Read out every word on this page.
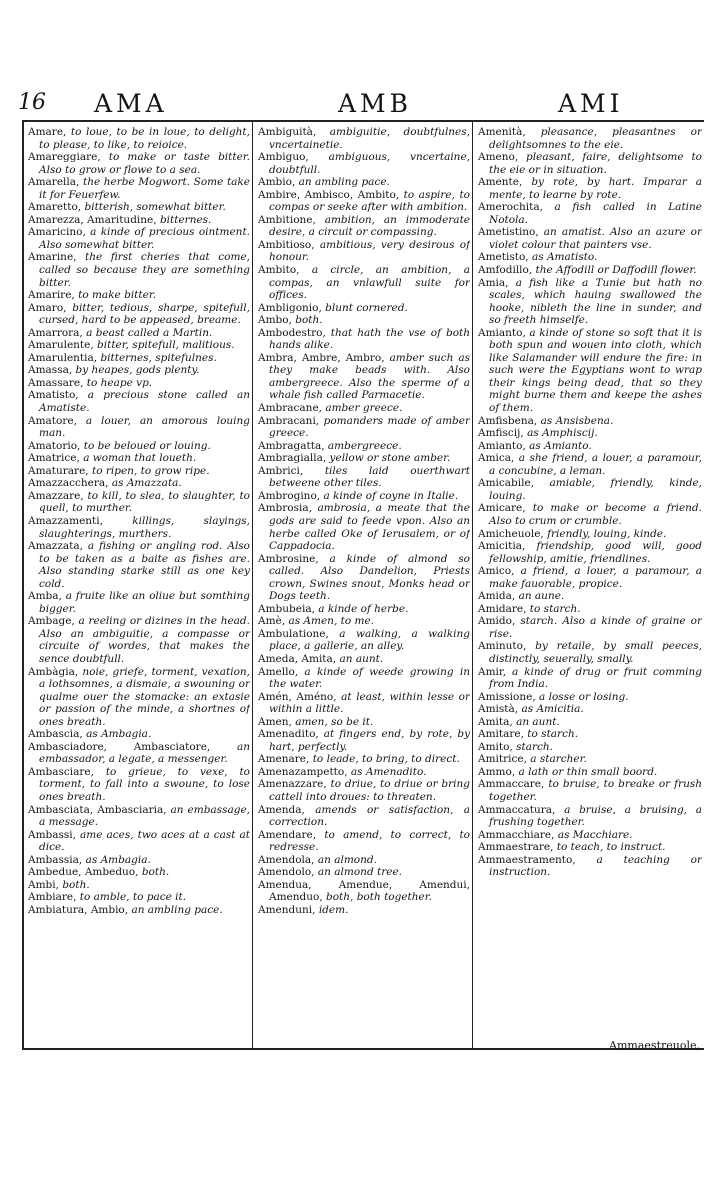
16 AMA	AMB	AMI

Amare, to loue, to be in loue, to delight, to please, to like, to reioice.

Amareggiare, to make or taste bitter. Also to grow or flowe to a sea.

Amarella, the herbe Mogwort. Some take it for Feuerfew.

Amaretto, bitterish, somewhat bitter.

Amarezza, Amaritudine, bitternes.

Amaricino, a kinde of precious ointment. Also somewhat bitter.

Amarine, the first cheries that come, called so because they are something bitter.

Amarire, to make bitter.

Amaro, bitter, tedious, sharpe, spitefull, cursed, hard to be appeased, breame.

Amarrora, a beast called a Martin.

Amarulente, bitter, spitefull, malitious.

Amarulentia, bitternes, spitefulnes.

Amassa, by heapes, gods plenty.

Amassare, to heape vp.

Amatisto, a precious stone called an Amatiste.

Amatore, a louer, an amorous louing man.

Amatorio, to be beloued or louing.

Amatrice, a woman that loueth.

Amaturare, to ripen, to grow ripe.

Amazzacchera, as Amazzata.

Amazzare, to kill, to slea, to slaughter, to quell, to murther.

Amazzamenti,	killings, slayings, slaughterings, murthers.

Amazzata, a fishing or angling rod. Also to be taken as a baite as fishes are. Also standing starke still as one key cold.

Amba, a fruite like an oliue but somthing bigger.

Ambage, a reeling or dizines in the head. Also an ambiguitie, a compasse or circuite of wordes, that makes the sence doubtfull.

Ambàgia, noie, griefe, torment, vexation, a lothsomnes, a dismaie, a swouning or qualme ouer the stomacke: an extasie or passion of the minde, a shortnes of ones breath.

Ambascia, as Ambagia.

Ambasciadore, Ambasciatore,	an embassador, a legate, a messenger.

Ambasciare, to grieue, to vexe, to torment, to fall into a swoune, to lose ones breath.

Ambasciata, Ambasciaria, an embassage, a message.

Ambassi, ame aces, two aces at a cast at dice.

Ambassia, as Ambagia.

Ambedue, Ambeduo, both.

Ambi, both.

Ambiare, to amble, to pace it.

Ambiatura, Ambio, an ambling pace.

Ambiguità, ambiguitie, doubtfulnes, vncertainetie.

Ambiguo, ambiguous, vncertaine, doubtfull.

Ambio, an ambling pace.

Ambire, Ambisco, Ambito, to aspire, to compas or seeke after with ambition.

Ambitione, ambition, an immoderate desire, a circuit or compassing.

Ambitioso, ambitious, very desirous of honour.

Ambito, a circle, an ambition, a compas, an vnlawfull suite for offices.

Ambligonio, blunt cornered.

Ambo, both.

Ambodestro, that hath the vse of both hands alike.

Ambra, Ambre, Ambro, amber such as they make beads with. Also ambergreece. Also the sperme of a whale fish called Parmacetie.

Ambracane, amber greece.

Ambracani, pomanders made of amber greece.

Ambragatta, ambergreece.

Ambragialla, yellow or stone amber.

Ambrici, tiles laid ouerthwart betweene other tiles.

Ambrogino, a kinde of coyne in Italie.

Ambrosia, ambrosia, a meate that the gods are said to feede vpon. Also an herbe called Oke of Ierusalem, or of Cappadocia.

Ambrosine, a kinde of almond so called. Also Dandelion, Priests crown, Swines snout, Monks head or Dogs teeth.

Ambubeia, a kinde of herbe.

Amè, as Amen, to me.

Ambulatione, a walking, a walking place, a gallerie, an alley.

Ameda, Amita, an aunt.

Amello, a kinde of weede growing in the water.

Amén, Améno, at least, within lesse or within a little.

Amen, amen, so be it.

Amenadito, at fingers end, by rote, by hart, perfectly.

Amenare, to leade, to bring, to direct.

Amenazampetto, as Amenadito.

Amenazzare, to driue, to driue or bring cattell into droues: to threaten.

Amenda, amends or satisfaction, a correction.

Amendare, to amend, to correct, to redresse.

Amendola, an almond.

Amendolo, an almond tree.

Amendua, Amendue, Amendui, Amenduo, both, both together.

Amenduni, idem.

Amenità, pleasance, pleasantnes or delightsomnes to the eie.

Ameno, pleasant, faire, delightsome to the eie or in situation.

Amente, by rote, by hart. Imparar a mente, to learne by rote.

Amerochita, a fish called in Latine Notola.

Ametistino, an amatist. Also an azure or violet colour that painters vse.

Ametisto, as Amatisto.

Amfodillo, the Affodill or Daffodill flower.

Amia, a fish like a Tunie but hath no scales, which hauing swallowed the hooke, nibleth the line in sunder, and so freeth himselfe.

Amianto, a kinde of stone so soft that it is both spun and wouen into cloth, which like Salamander will endure the fire: in such were the Egyptians wont to wrap their kings being dead, that so they might burne them and keepe the ashes of them.

Amfisbena, as Ansisbena.

Amfiscij, as Amphiscij.

Amianto, as Amianto.

Amica, a she friend, a louer, a paramour, a concubine, a leman.

Amicabile, amiable, friendly, kinde, louing.

Amicare, to make or become a friend. Also to crum or crumble.

Amicheuole, friendly, louing, kinde.

Amicitia, friendship, good will, good fellowship, amitie, friendlines.

Amico, a friend, a louer, a paramour, a make fauorable, propice.

Amida, an aune.

Amidare, to starch.

Amido, starch. Also a kinde of graine or rise.

Aminuto, by retaile, by small peeces, distinctly, seuerally, smally.

Amir, a kinde of drug or fruit comming from India.

Amissione, a losse or losing.

Amistà, as Amicitia.

Amita, an aunt.

Amitare, to starch.

Amito, starch.

Amitrice, a starcher.

Ammo, a lath or thin small boord.

Ammaccare, to bruise, to breake or frush together.

Ammaccatura, a bruise, a bruising, a frushing together.

Ammacchiare, as Macchiare.

Ammaestrare, to teach, to instruct.

Ammaestramento, a teaching or instruction.

Ammaestreuole,
